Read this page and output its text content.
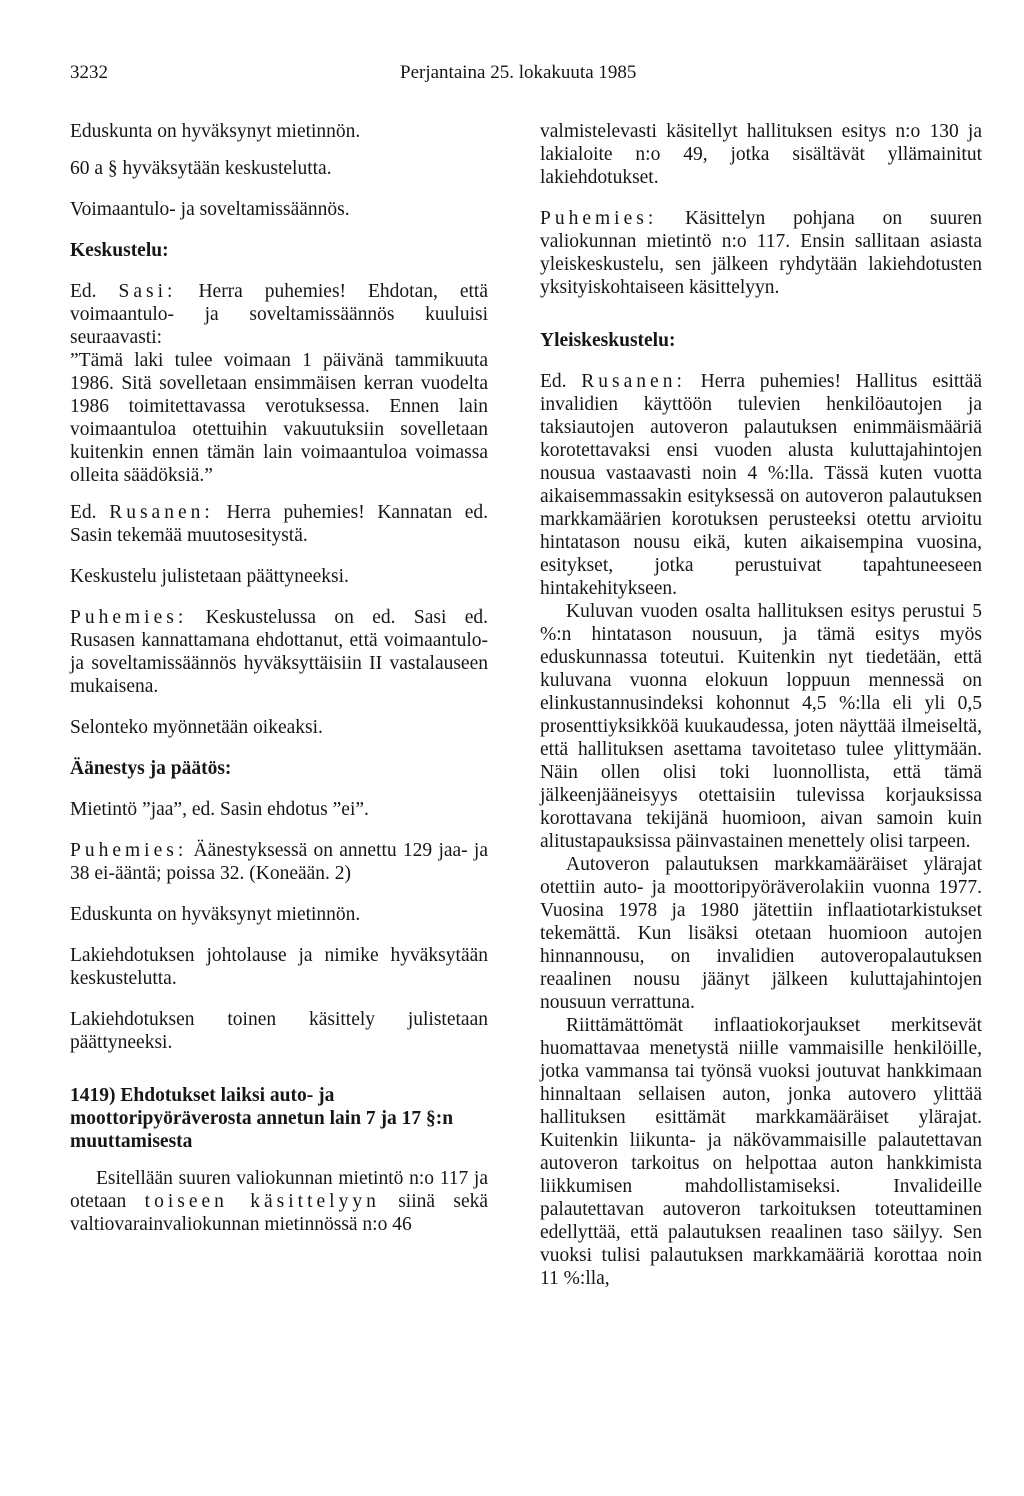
3232	Perjantaina 25. lokakuuta 1985

Eduskunta on hyväksynyt mietinnön.

60 a § hyväksytään keskustelutta.

Voimaantulo- ja soveltamissäännös.

Keskustelu:

Ed. Sasi: Herra puhemies! Ehdotan, että voimaantulo- ja soveltamissäännös kuuluisi seuraavasti:

”Tämä laki tulee voimaan 1 päivänä tammikuuta 1986. Sitä sovelletaan ensimmäisen kerran vuodelta 1986 toimitettavassa verotuksessa. Ennen lain voimaantuloa otettuihin vakuutuksiin sovelletaan kuitenkin ennen tämän lain voimaantuloa voimassa olleita säädöksiä.”

Ed. Rusanen: Herra puhemies! Kannatan ed. Sasin tekemää muutosesitystä.

Keskustelu julistetaan päättyneeksi.

Puhemies: Keskustelussa on ed. Sasi ed. Rusasen kannattamana ehdottanut, että voimaantulo- ja soveltamissäännös hyväksyttäisiin II vastalauseen mukaisena.

Selonteko myönnetään oikeaksi.

Äänestys ja päätös:

Mietintö ”jaa”, ed. Sasin ehdotus ”ei”.

Puhemies: Äänestyksessä on annettu 129 jaa- ja 38 ei-ääntä; poissa 32. (Koneään. 2)

Eduskunta on hyväksynyt mietinnön.

Lakiehdotuksen johtolause ja nimike hyväksytään keskustelutta.

Lakiehdotuksen toinen käsittely julistetaan päättyneeksi.

1419) Ehdotukset laiksi auto- ja moottoripyöräverosta annetun lain 7 ja 17 §:n muuttamisesta

Esitellään suuren valiokunnan mietintö n:o 117 ja otetaan toiseen käsittelyyn siinä sekä valtiovarainvaliokunnan mietinnössä n:o 46

valmistelevasti käsitellyt hallituksen esitys n:o 130 ja lakialoite n:o 49, jotka sisältävät yllämainitut lakiehdotukset.

Puhemies: Käsittelyn pohjana on suuren valiokunnan mietintö n:o 117. Ensin sallitaan asiasta yleiskeskustelu, sen jälkeen ryhdytään lakiehdotusten yksityiskohtaiseen käsittelyyn.

Yleiskeskustelu:

Ed. Rusanen: Herra puhemies! Hallitus esittää invalidien käyttöön tulevien henkilöautojen ja taksiautojen autoveron palautuksen enimmäismääriä korotettavaksi ensi vuoden alusta kuluttajahintojen nousua vastaavasti noin 4 %:lla. Tässä kuten vuotta aikaisemmassakin esityksessä on autoveron palautuksen markkamäärien korotuksen perusteeksi otettu arvioitu hintatason nousu eikä, kuten aikaisempina vuosina, esitykset, jotka perustuivat tapahtuneeseen hintakehitykseen.

Kuluvan vuoden osalta hallituksen esitys perustui 5 %:n hintatason nousuun, ja tämä esitys myös eduskunnassa toteutui. Kuitenkin nyt tiedetään, että kuluvana vuonna elokuun loppuun mennessä on elinkustannusindeksi kohonnut 4,5 %:lla eli yli 0,5 prosenttiyksikköä kuukaudessa, joten näyttää ilmeiseltä, että hallituksen asettama tavoitetaso tulee ylittymään. Näin ollen olisi toki luonnollista, että tämä jälkeenjääneisyys otettaisiin tulevissa korjauksissa korottavana tekijänä huomioon, aivan samoin kuin alitustapauksissa päinvastainen menettely olisi tarpeen.

Autoveron palautuksen markkamääräiset ylärajat otettiin auto- ja moottoripyöräverolakiin vuonna 1977. Vuosina 1978 ja 1980 jätettiin inflaatiotarkistukset tekemättä. Kun lisäksi otetaan huomioon autojen hinnannousu, on invalidien autoveropalautuksen reaalinen nousu jäänyt jälkeen kuluttajahintojen nousuun verrattuna.

Riittämättömät inflaatiokorjaukset merkitsevät huomattavaa menetystä niille vammaisille henkilöille, jotka vammansa tai työnsä vuoksi joutuvat hankkimaan hinnaltaan sellaisen auton, jonka autovero ylittää hallituksen esittämät markkamääräiset ylärajat. Kuitenkin liikunta- ja näkövammaisille palautettavan autoveron tarkoitus on helpottaa auton hankkimista liikkumisen mahdollistamiseksi. Invalideille palautettavan autoveron tarkoituksen toteuttaminen edellyttää, että palautuksen reaalinen taso säilyy. Sen vuoksi tulisi palautuksen markkamääriä korottaa noin 11 %:lla,
